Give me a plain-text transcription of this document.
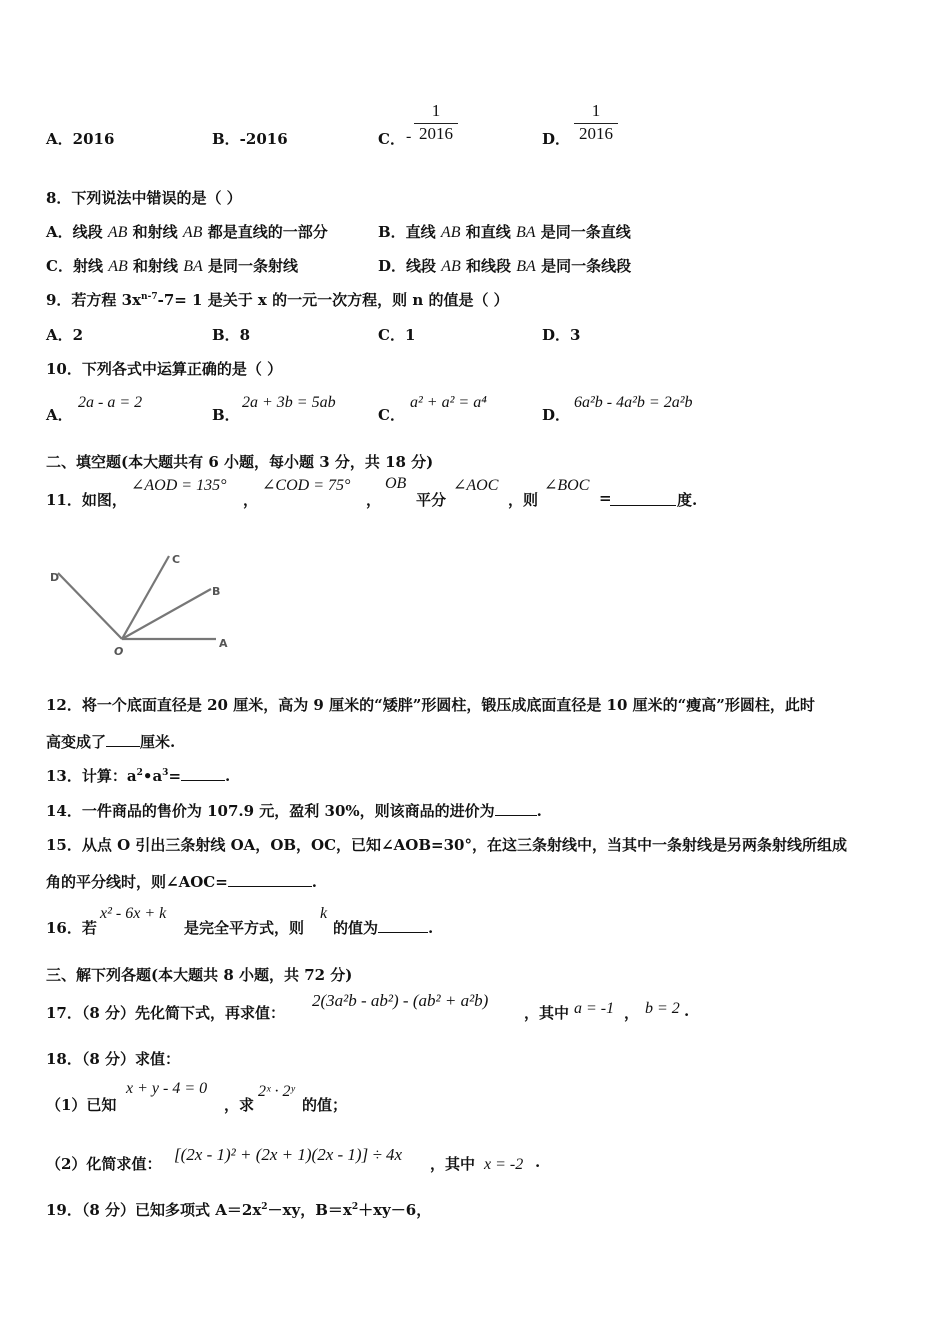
A．2016	B．-2016	C． -
1
2016	D．
1
2016
8．下列说法中错误的是（ ）
A．线段 AB 和射线 AB 都是直线的一部分	B．直线 AB 和直线 BA 是同一条直线
C．射线 AB 和射线 BA 是同一条射线	D．线段 AB 和线段 BA 是同一条线段
9．若方程 $3x^{n-7}-7= 1$ 是关于 x 的一元一次方程，则 n 的值是（ ）
A．2	B．8	C．1	D．3
10．下列各式中运算正确的是（ ）
A．
2a - a = 2
B．
2a + 3b = 5ab
C．
a² + a² = a⁴
D．
6a²b - 4a²b = 2a²b
二、填空题(本大题共有 6 小题，每小题 3 分，共 18 分)
11．如图，
∠AOD = 135°
，
∠COD = 75°
，
OB
平分
∠AOC
，则
∠BOC
=	度.
D
C
B
A
O
12．将一个底面直径是 20 厘米，高为 9 厘米的“矮胖”形圆柱，锻压成底面直径是 10 厘米的“瘦高”形圆柱，此时
高变成了 厘米.
13．计算：$a^2•a^3=$	.
14．一件商品的售价为 107.9 元，盈利 30%，则该商品的进价为	.
15．从点 O 引出三条射线 OA，OB，OC，已知∠AOB=30°，在这三条射线中，当其中一条射线是另两条射线所组成
角的平分线时，则∠AOC=	.
16．若
x² - 6x + k
是完全平方式，则
k
的值为	.
三、解下列各题(本大题共 8 小题，共 72 分)
17．（8 分）先化简下式，再求值：
2(3a²b - ab²) - (ab² + a²b)
，其中 a = -1 ， b = 2 .
18．（8 分）求值：
（1）已知
x + y - 4 = 0
，求
2ˣ · 2ʸ
的值；
（2）化简求值： [(2x - 1)² + (2x + 1)(2x - 1)] ÷ 4x ，其中 x = -2 .
19．（8 分）已知多项式 $A=2x^2-xy$，$B=x^2+xy-6$，
